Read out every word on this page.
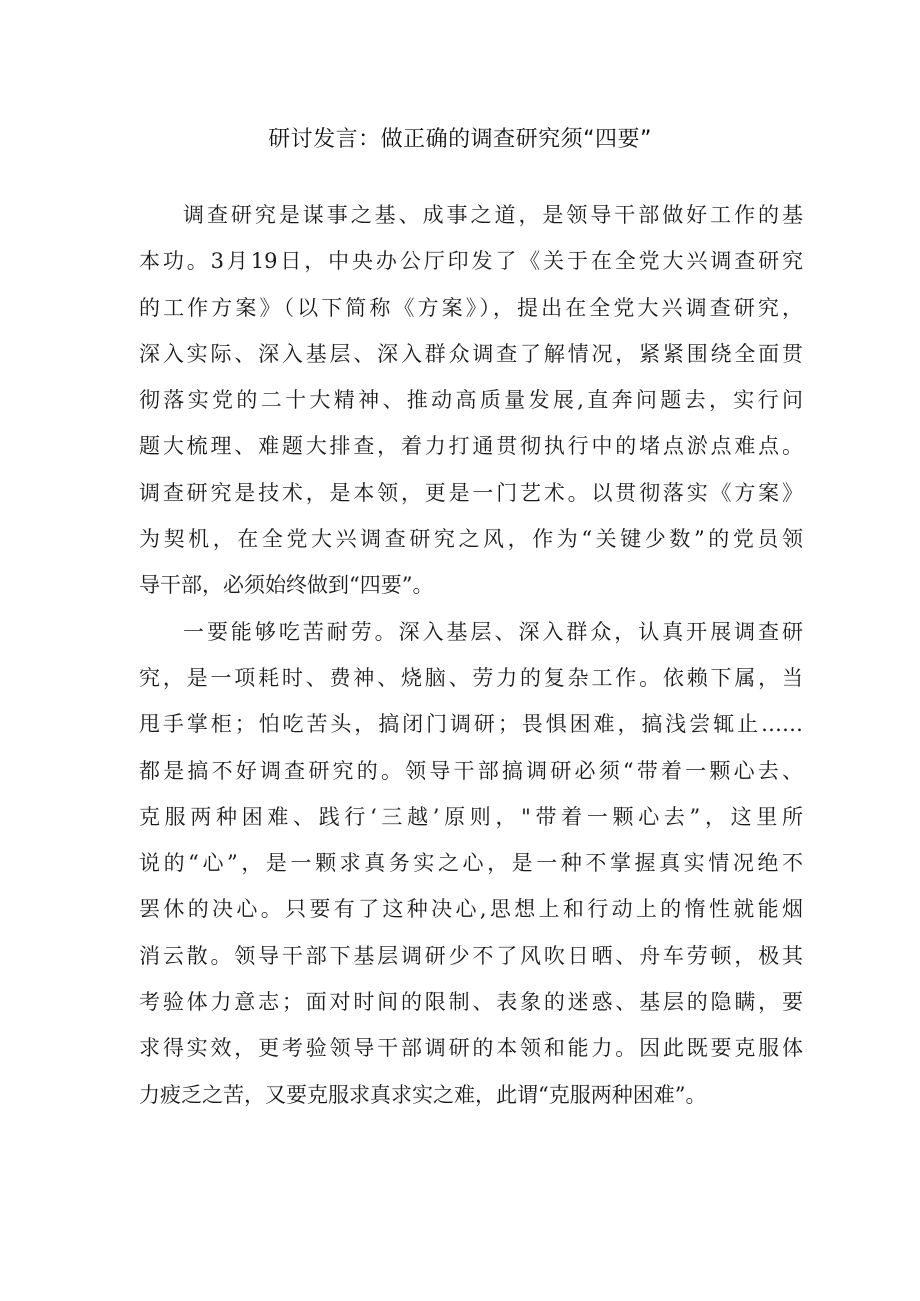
研讨发言：做正确的调查研究须“四要”
调查研究是谋事之基、成事之道，是领导干部做好工作的基
本功。3月19日，中央办公厅印发了《关于在全党大兴调查研究
的工作方案》（以下简称《方案》），提出在全党大兴调查研究，
深入实际、深入基层、深入群众调查了解情况，紧紧围绕全面贯
彻落实党的二十大精神、推动高质量发展,直奔问题去，实行问
题大梳理、难题大排查，着力打通贯彻执行中的堵点淤点难点。
调查研究是技术，是本领，更是一门艺术。以贯彻落实《方案》
为契机，在全党大兴调查研究之风，作为“关键少数”的党员领
导干部，必须始终做到“四要”。
一要能够吃苦耐劳。深入基层、深入群众，认真开展调查研
究，是一项耗时、费神、烧脑、劳力的复杂工作。依赖下属，当
甩手掌柜；怕吃苦头，搞闭门调研；畏惧困难，搞浅尝辄止……
都是搞不好调查研究的。领导干部搞调研必须“带着一颗心去、
克服两种困难、践行‘三越’原则，"带着一颗心去”，这里所
说的“心”，是一颗求真务实之心，是一种不掌握真实情况绝不
罢休的决心。只要有了这种决心,思想上和行动上的惰性就能烟
消云散。领导干部下基层调研少不了风吹日晒、舟车劳顿，极其
考验体力意志；面对时间的限制、表象的迷惑、基层的隐瞒，要
求得实效，更考验领导干部调研的本领和能力。因此既要克服体
力疲乏之苦，又要克服求真求实之难，此谓“克服两种困难”。
